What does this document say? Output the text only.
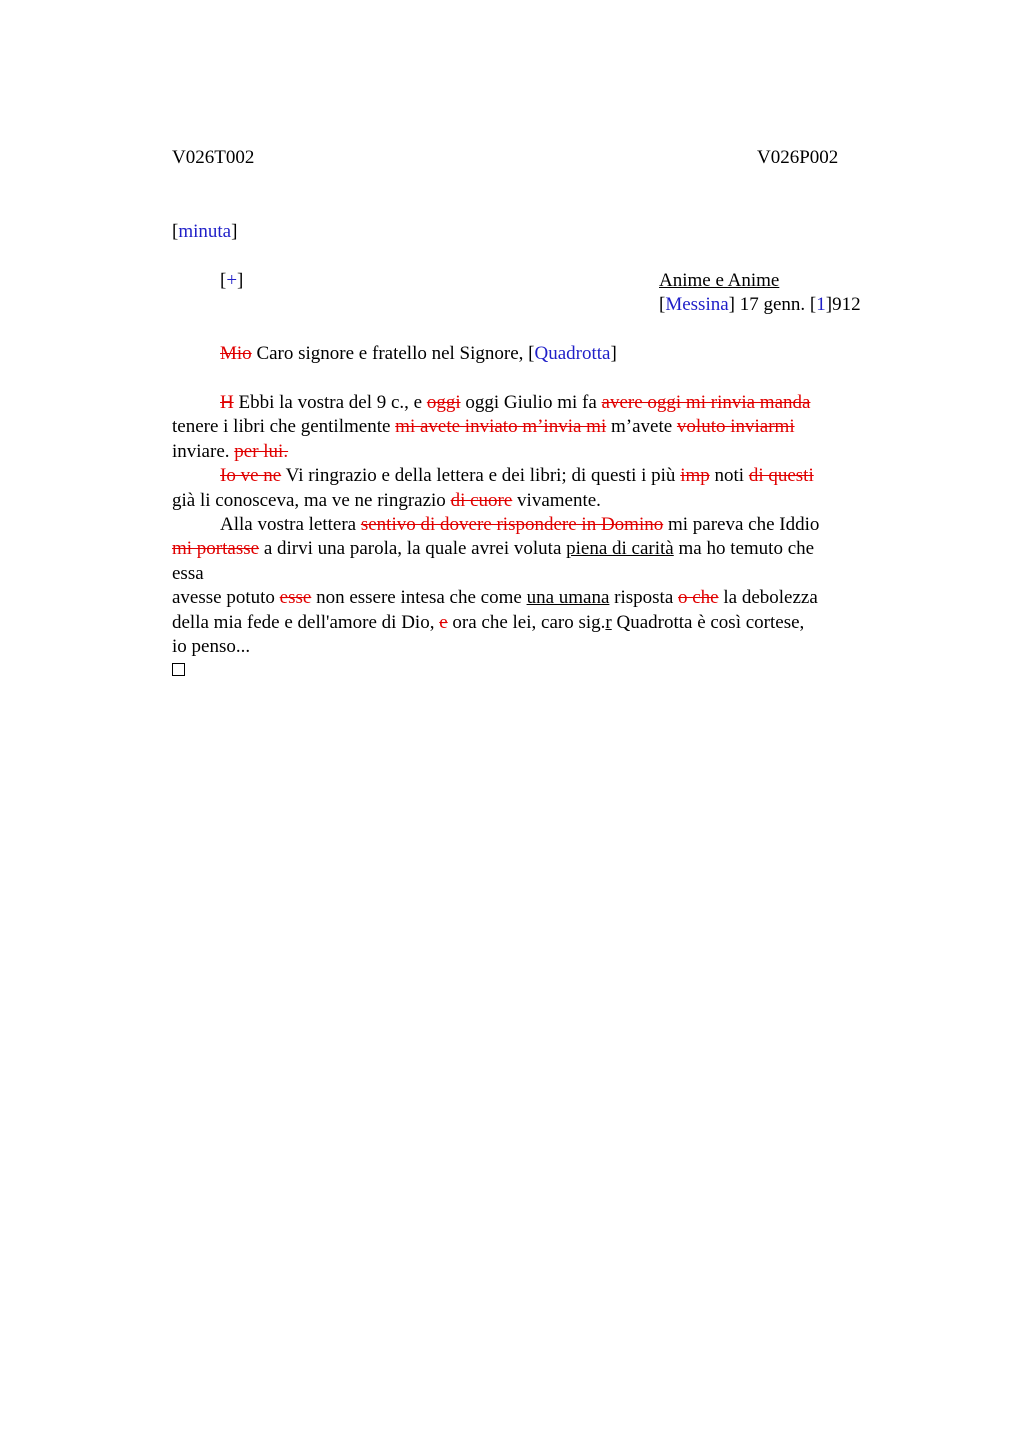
V026T002	V026P002
[minuta]
[+]	Anime e Anime
[Messina] 17 genn. [1]912
Mio Caro signore e fratello nel Signore, [Quadrotta]
H Ebbi la vostra del 9 c., e oggi oggi Giulio mi fa avere oggi mi rinvia manda
tenere i libri che gentilmente mi avete inviato m’invia mi m’avete voluto inviarmi
inviare. per lui.
Io ve ne Vi ringrazio e della lettera e dei libri; di questi i più imp noti di questi
già li conosceva, ma ve ne ringrazio di cuore vivamente.
Alla vostra lettera sentivo di dovere rispondere in Domino mi pareva che Iddio
mi portasse a dirvi una parola, la quale avrei voluta piena di carità ma ho temuto che
essa
avesse potuto esse non essere intesa che come una umana risposta o che la debolezza
della mia fede e dell'amore di Dio, e ora che lei, caro sig.r Quadrotta è così cortese,
io penso...
